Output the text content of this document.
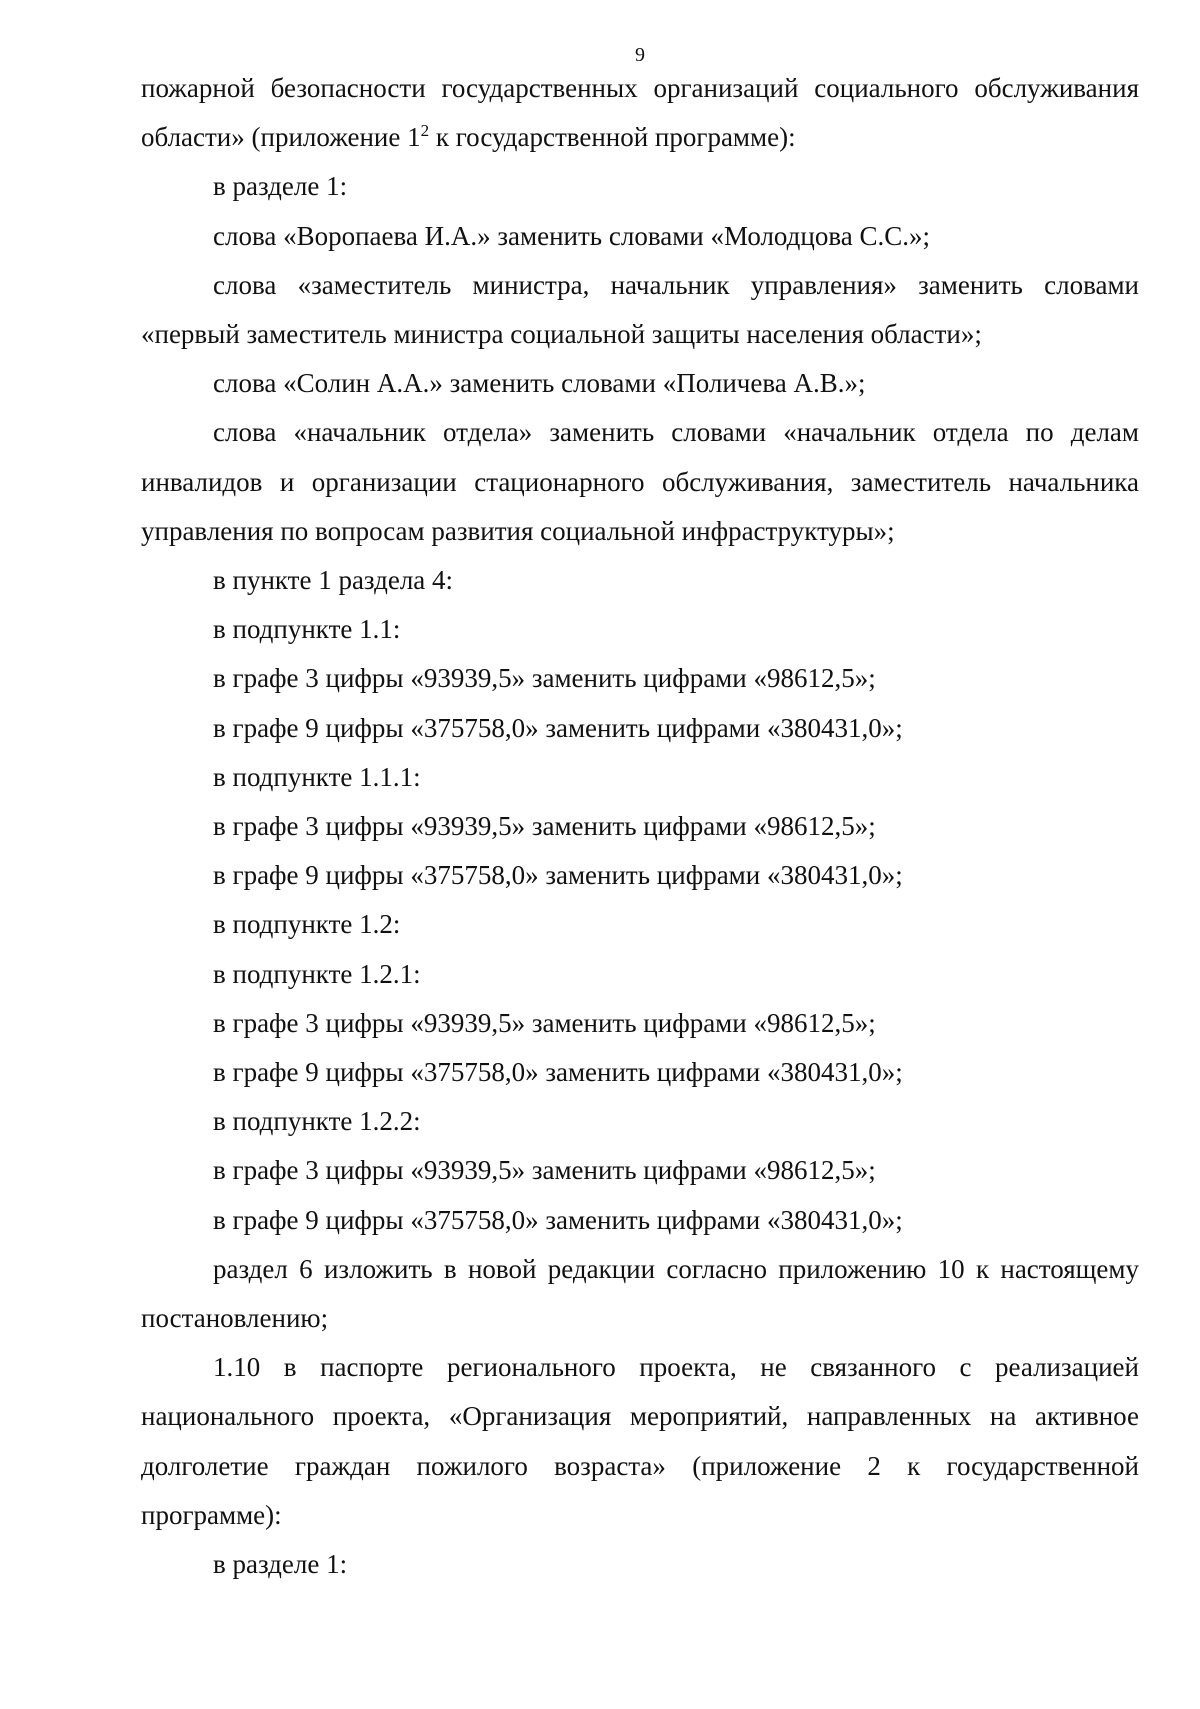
9

пожарной безопасности государственных организаций социального обслуживания области» (приложение $1^2$ к государственной программе):

в разделе 1:

слова «Воропаева И.А.» заменить словами «Молодцова С.С.»;

слова «заместитель министра, начальник управления» заменить словами «первый заместитель министра социальной защиты населения области»;

слова «Солин А.А.» заменить словами «Поличева А.В.»;

слова «начальник отдела» заменить словами «начальник отдела по делам инвалидов и организации стационарного обслуживания, заместитель начальника управления по вопросам развития социальной инфраструктуры»;

в пункте 1 раздела 4:

в подпункте 1.1:

в графе 3 цифры «93939,5» заменить цифрами «98612,5»;

в графе 9 цифры «375758,0» заменить цифрами «380431,0»;

в подпункте 1.1.1:

в графе 3 цифры «93939,5» заменить цифрами «98612,5»;

в графе 9 цифры «375758,0» заменить цифрами «380431,0»;

в подпункте 1.2:

в подпункте 1.2.1:

в графе 3 цифры «93939,5» заменить цифрами «98612,5»;

в графе 9 цифры «375758,0» заменить цифрами «380431,0»;

в подпункте 1.2.2:

в графе 3 цифры «93939,5» заменить цифрами «98612,5»;

в графе 9 цифры «375758,0» заменить цифрами «380431,0»;

раздел 6 изложить в новой редакции согласно приложению 10 к настоящему постановлению;

1.10 в паспорте регионального проекта, не связанного с реализацией национального проекта, «Организация мероприятий, направленных на активное долголетие граждан пожилого возраста» (приложение 2 к государственной программе):

в разделе 1:
